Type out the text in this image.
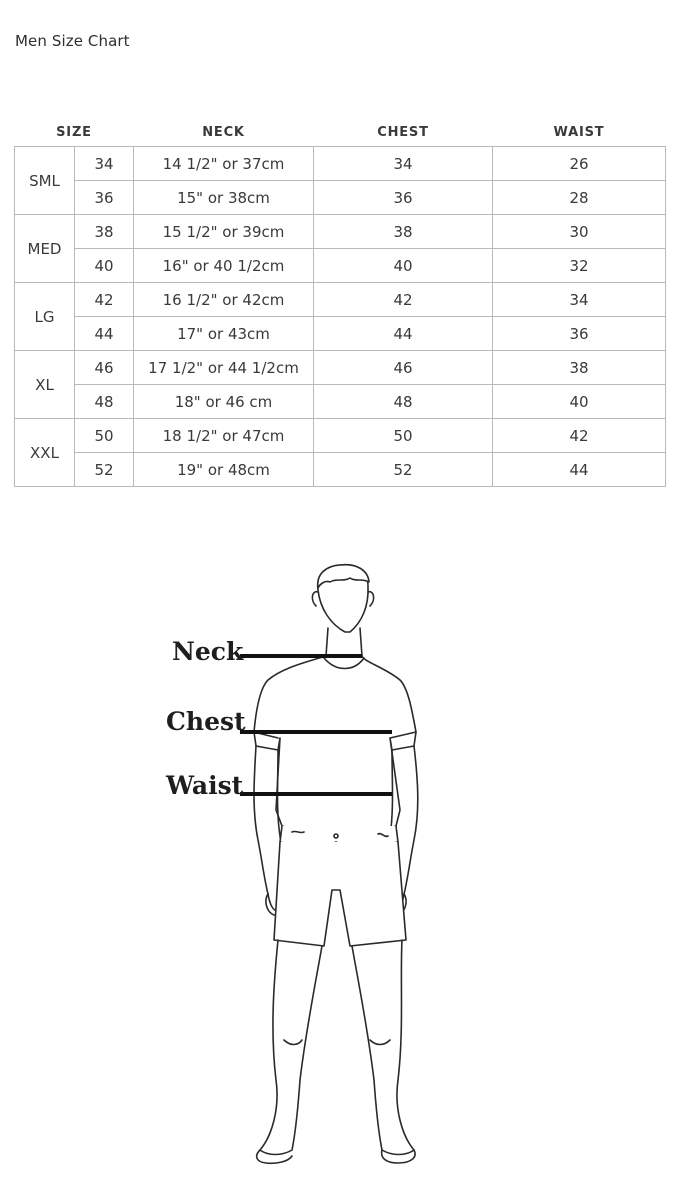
Men Size Chart
SIZE		NECK	CHEST	WAIST
SML	34	14 1/2" or 37cm	34	26
	36	15" or 38cm	36	28
MED	38	15 1/2" or 39cm	38	30
	40	16" or 40 1/2cm	40	32
LG	42	16 1/2" or 42cm	42	34
	44	17" or 43cm	44	36
XL	46	17 1/2" or 44 1/2cm	46	38
	48	18" or 46 cm	48	40
XXL	50	18 1/2" or 47cm	50	42
	52	19" or 48cm	52	44
Neck
Chest
Waist
